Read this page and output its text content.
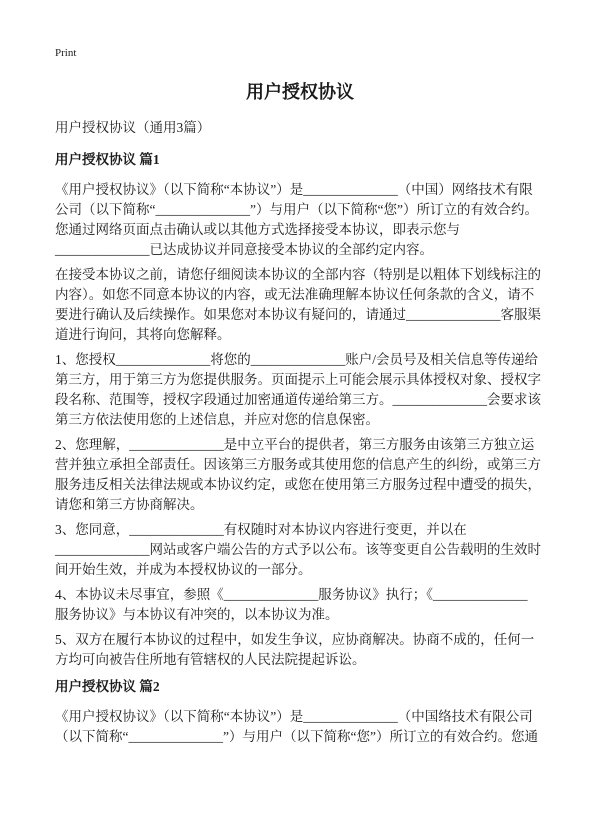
Print
用户授权协议
用户授权协议（通用3篇）
用户授权协议 篇1
《用户授权协议》（以下简称“本协议”）是______________（中国）网络技术有限
公司（以下简称“______________”）与用户（以下简称“您”）所订立的有效合约。
您通过网络页面点击确认或以其他方式选择接受本协议，即表示您与
______________已达成协议并同意接受本协议的全部约定内容。
在接受本协议之前，请您仔细阅读本协议的全部内容（特别是以粗体下划线标注的
内容）。如您不同意本协议的内容，或无法准确理解本协议任何条款的含义，请不
要进行确认及后续操作。如果您对本协议有疑问的，请通过______________客服渠
道进行询问，其将向您解释。
1、您授权______________将您的______________账户/会员号及相关信息等传递给
第三方，用于第三方为您提供服务。页面提示上可能会展示具体授权对象、授权字
段名称、范围等，授权字段通过加密通道传递给第三方。______________会要求该
第三方依法使用您的上述信息，并应对您的信息保密。
2、您理解，______________是中立平台的提供者，第三方服务由该第三方独立运
营并独立承担全部责任。因该第三方服务或其使用您的信息产生的纠纷，或第三方
服务违反相关法律法规或本协议约定，或您在使用第三方服务过程中遭受的损失，
请您和第三方协商解决。
3、您同意，______________有权随时对本协议内容进行变更，并以在
______________网站或客户端公告的方式予以公布。该等变更自公告载明的生效时
间开始生效，并成为本授权协议的一部分。
4、本协议未尽事宜，参照《______________服务协议》执行；《______________
服务协议》与本协议有冲突的，以本协议为准。
5、双方在履行本协议的过程中，如发生争议，应协商解决。协商不成的，任何一
方均可向被告住所地有管辖权的人民法院提起诉讼。
用户授权协议 篇2
《用户授权协议》（以下简称“本协议”）是______________（中国络技术有限公司
（以下简称“______________”）与用户（以下简称“您”）所订立的有效合约。您通
